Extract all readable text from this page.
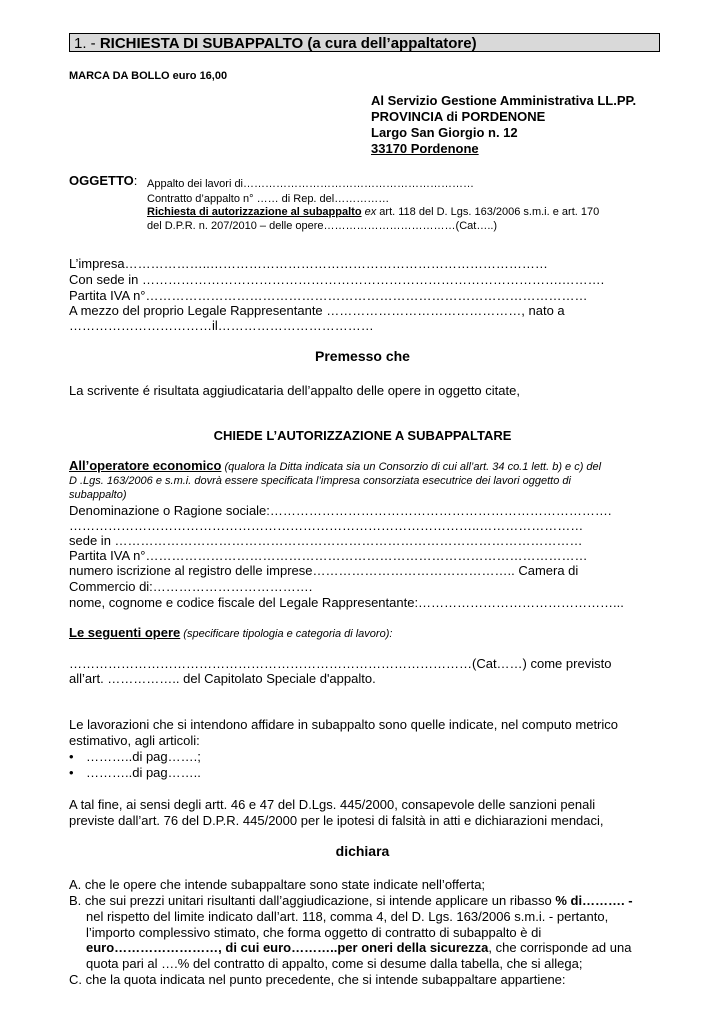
1. - RICHIESTA DI SUBAPPALTO (a cura dell’appaltatore)
MARCA DA BOLLO euro 16,00
Al Servizio Gestione Amministrativa LL.PP.
PROVINCIA di PORDENONE
Largo San Giorgio n. 12
33170 Pordenone
OGGETTO: Appalto dei lavori di………………………………………………………
Contratto d’appalto n° …… di Rep. del……………
Richiesta di autorizzazione al subappalto ex art. 118 del D. Lgs. 163/2006 s.m.i. e art. 170
del D.P.R. n. 207/2010 – delle opere………………………………(Cat…..)
L’impresa………………..……………………………………………………………………
Con sede in …………………………………………………………………………………….……….
Partita IVA n°…………………………………………………………………………………………
A mezzo del proprio Legale Rappresentante ………………………………………, nato a
……………………………il………………………………
Premesso che
La scrivente é risultata aggiudicataria dell’appalto delle opere in oggetto citate,
CHIEDE L’AUTORIZZAZIONE A SUBAPPALTARE
All’operatore economico (qualora la Ditta indicata sia un Consorzio di cui all’art. 34 co.1 lett. b) e c) del
D .Lgs. 163/2006 e s.m.i. dovrà essere specificata l’impresa consorziata esecutrice dei lavori oggetto di
subappalto)
Denominazione o Ragione sociale:…………………………………………………………………….
…………………………………………………………………………………..……………………
sede in ………………………………………………………………………………………………
Partita IVA n°…………………………………………………………………………………………
numero iscrizione al registro delle imprese……………………………………….. Camera di
Commercio di:……………………………….
nome, cognome e codice fiscale del Legale Rappresentante:………………………………………...
Le seguenti opere (specificare tipologia e categoria di lavoro):
…………………………………………………………………………………(Cat……) come previsto
all’art. …………….. del Capitolato Speciale d'appalto.
Le lavorazioni che si intendono affidare in subappalto sono quelle indicate, nel computo metrico
estimativo, agli articoli:
• ………..di pag…….;
• ………..di pag……..
A tal fine, ai sensi degli artt. 46 e 47 del D.Lgs. 445/2000, consapevole delle sanzioni penali
previste dall’art. 76 del D.P.R. 445/2000 per le ipotesi di falsità in atti e dichiarazioni mendaci,
dichiara
A. che le opere che intende subappaltare sono state indicate nell’offerta;
B. che sui prezzi unitari risultanti dall’aggiudicazione, si intende applicare un ribasso % di………. -
nel rispetto del limite indicato dall’art. 118, comma 4, del D. Lgs. 163/2006 s.m.i. - pertanto,
l’importo complessivo stimato, che forma oggetto di contratto di subappalto è di
euro……………………, di cui euro………..per oneri della sicurezza, che corrisponde ad una
quota pari al ….% del contratto di appalto, come si desume dalla tabella, che si allega;
C. che la quota indicata nel punto precedente, che si intende subappaltare appartiene:
